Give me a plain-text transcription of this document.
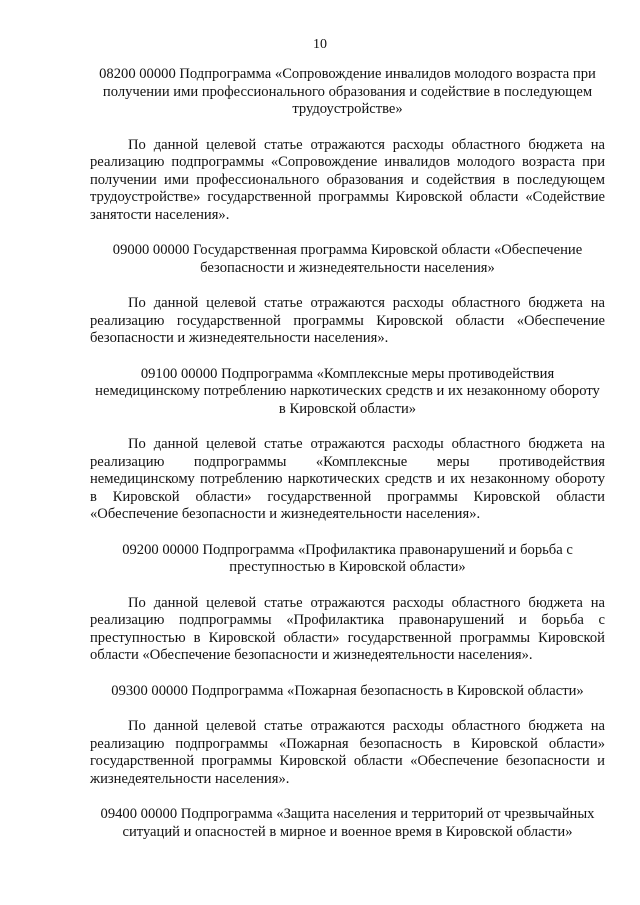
10

08200 00000 Подпрограмма «Сопровождение инвалидов молодого возраста при получении ими профессионального образования и содействие в последующем трудоустройстве»

По данной целевой статье отражаются расходы областного бюджета на реализацию подпрограммы «Сопровождение инвалидов молодого возраста при получении ими профессионального образования и содействия в последующем трудоустройстве» государственной программы Кировской области «Содействие занятости населения».

09000 00000 Государственная программа Кировской области «Обеспечение безопасности и жизнедеятельности населения»

По данной целевой статье отражаются расходы областного бюджета на реализацию государственной программы Кировской области «Обеспечение безопасности и жизнедеятельности населения».

09100 00000 Подпрограмма «Комплексные меры противодействия немедицинскому потреблению наркотических средств и их незаконному обороту в Кировской области»

По данной целевой статье отражаются расходы областного бюджета на реализацию подпрограммы «Комплексные меры противодействия немедицинскому потреблению наркотических средств и их незаконному обороту в Кировской области» государственной программы Кировской области «Обеспечение безопасности и жизнедеятельности населения».

09200 00000 Подпрограмма «Профилактика правонарушений и борьба с преступностью в Кировской области»

По данной целевой статье отражаются расходы областного бюджета на реализацию подпрограммы «Профилактика правонарушений и борьба с преступностью в Кировской области» государственной программы Кировской области «Обеспечение безопасности и жизнедеятельности населения».

09300 00000 Подпрограмма «Пожарная безопасность в Кировской области»

По данной целевой статье отражаются расходы областного бюджета на реализацию подпрограммы «Пожарная безопасность в Кировской области» государственной программы Кировской области «Обеспечение безопасности и жизнедеятельности населения».

09400 00000 Подпрограмма «Защита населения и территорий от чрезвычайных ситуаций и опасностей в мирное и военное время в Кировской области»
